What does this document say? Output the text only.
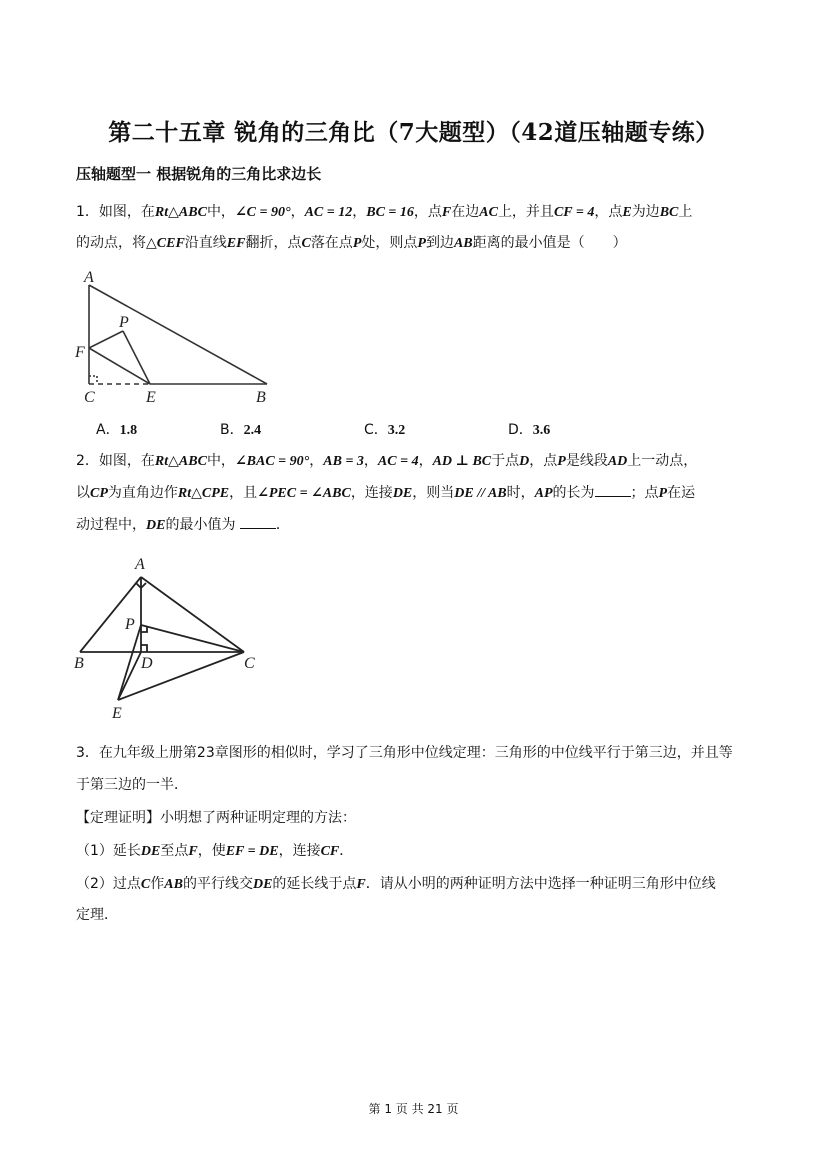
第二十五章 锐角的三角比（7大题型）（42道压轴题专练）
压轴题型一 根据锐角的三角比求边长
1．如图，在Rt△ABC中，∠C = 90°，AC = 12，BC = 16，点F在边AC上，并且CF = 4，点E为边BC上
的动点，将△CEF沿直线EF翻折，点C落在点P处，则点P到边AB距离的最小值是（　　）
A
P
F
C	E	B
A．1.8	B．2.4	C．3.2	D．3.6
2．如图，在Rt△ABC中，∠BAC = 90°，AB = 3，AC = 4，AD ⊥ BC于点D，点P是线段AD上一动点，
以CP为直角边作Rt△CPE，且∠PEC = ∠ABC，连接DE，则当DE // AB时，AP的长为	；点P在运
动过程中，DE的最小值为	．
A
P
B	D	C
E
3．在九年级上册第23章图形的相似时，学习了三角形中位线定理：三角形的中位线平行于第三边，并且等
于第三边的一半．
【定理证明】小明想了两种证明定理的方法：
（1）延长DE至点F，使EF = DE，连接CF．
（2）过点C作AB的平行线交DE的延长线于点F．请从小明的两种证明方法中选择一种证明三角形中位线
定理．
第 1 页 共 21 页
